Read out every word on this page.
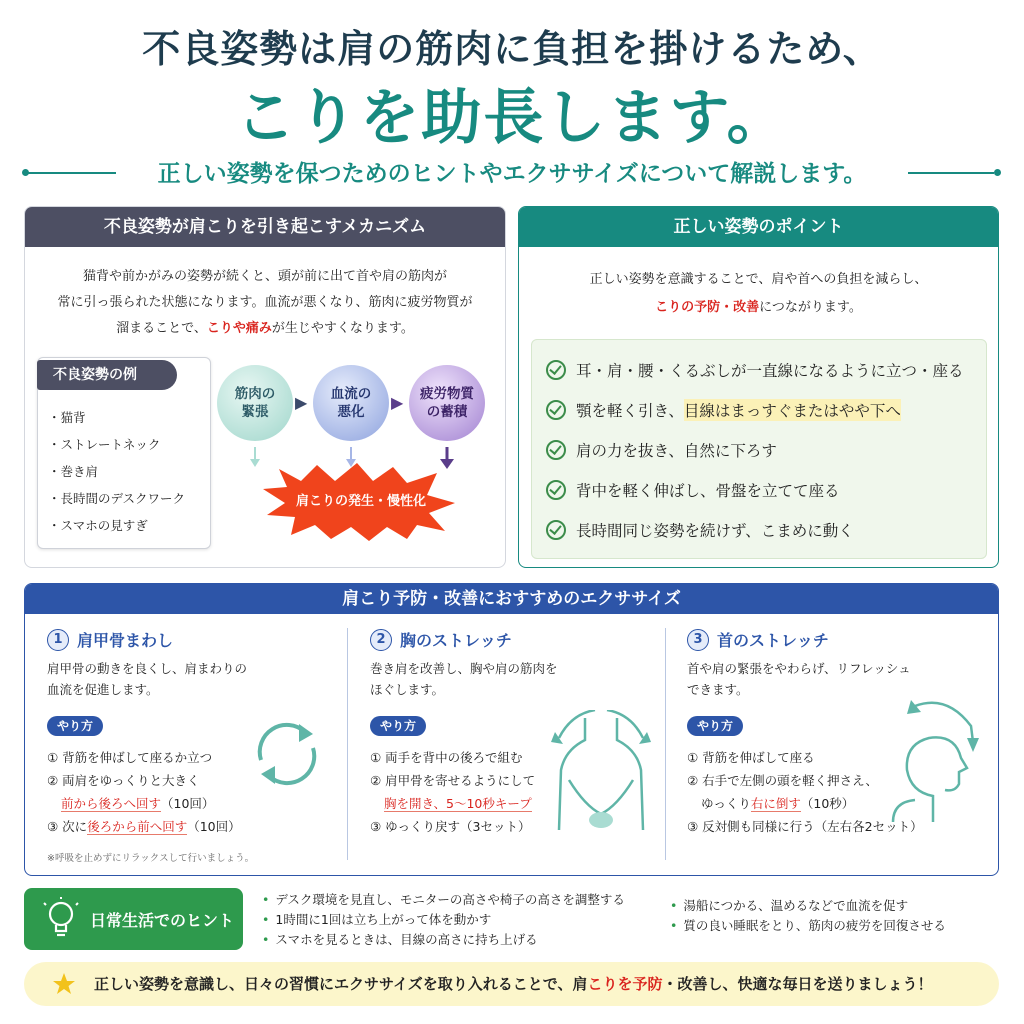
不良姿勢は肩の筋肉に負担を掛けるため、
こりを助長します。
正しい姿勢を保つためのヒントやエクササイズについて解説します。
不良姿勢が肩こりを引き起こすメカニズム
猫背や前かがみの姿勢が続くと、頭が前に出て首や肩の筋肉が
常に引っ張られた状態になります。血流が悪くなり、筋肉に疲労物質が
溜まることで、こりや痛みが生じやすくなります。
不良姿勢の例
・猫背
・ストレートネック
・巻き肩
・長時間のデスクワーク
・スマホの見すぎ
筋肉の
緊張	▶ 血流の
悪化	▶ 疲労物質
の蓄積
肩こりの発生・慢性化
正しい姿勢のポイント
正しい姿勢を意識することで、肩や首への負担を減らし、
こりの予防・改善につながります。
耳・肩・腰・くるぶしが一直線になるように立つ・座る
顎を軽く引き、 目線はまっすぐまたはやや下へ
肩の力を抜き、自然に下ろす
背中を軽く伸ばし、骨盤を立てて座る
長時間同じ姿勢を続けず、こまめに動く
肩こり予防・改善におすすめのエクササイズ
1 肩甲骨まわし
肩甲骨の動きを良くし、肩まわりの
血流を促進します。
やり方
① 背筋を伸ばして座るか立つ
② 両肩をゆっくりと大きく
前から後ろへ回す（10回）
③ 次に後ろから前へ回す（10回）
※呼吸を止めずにリラックスして行いましょう。
2 胸のストレッチ
巻き肩を改善し、胸や肩の筋肉を
ほぐします。
やり方
① 両手を背中の後ろで組む
② 肩甲骨を寄せるようにして
胸を開き、5〜10秒キープ
③ ゆっくり戻す（3セット）
3 首のストレッチ
首や肩の緊張をやわらげ、リフレッシュ
できます。
やり方
① 背筋を伸ばして座る
② 右手で左側の頭を軽く押さえ、
ゆっくり右に倒す（10秒）
③ 反対側も同様に行う（左右各2セット）
日常生活でのヒント
• デスク環境を見直し、モニターの高さや椅子の高さを調整する
• 1時間に1回は立ち上がって体を動かす
• スマホを見るときは、目線の高さに持ち上げる
• 湯船につかる、温めるなどで血流を促す
• 質の良い睡眠をとり、筋肉の疲労を回復させる
正しい姿勢を意識し、日々の習慣にエクササイズを取り入れることで、肩こりを予防・改善し、快適な毎日を送りましょう！
